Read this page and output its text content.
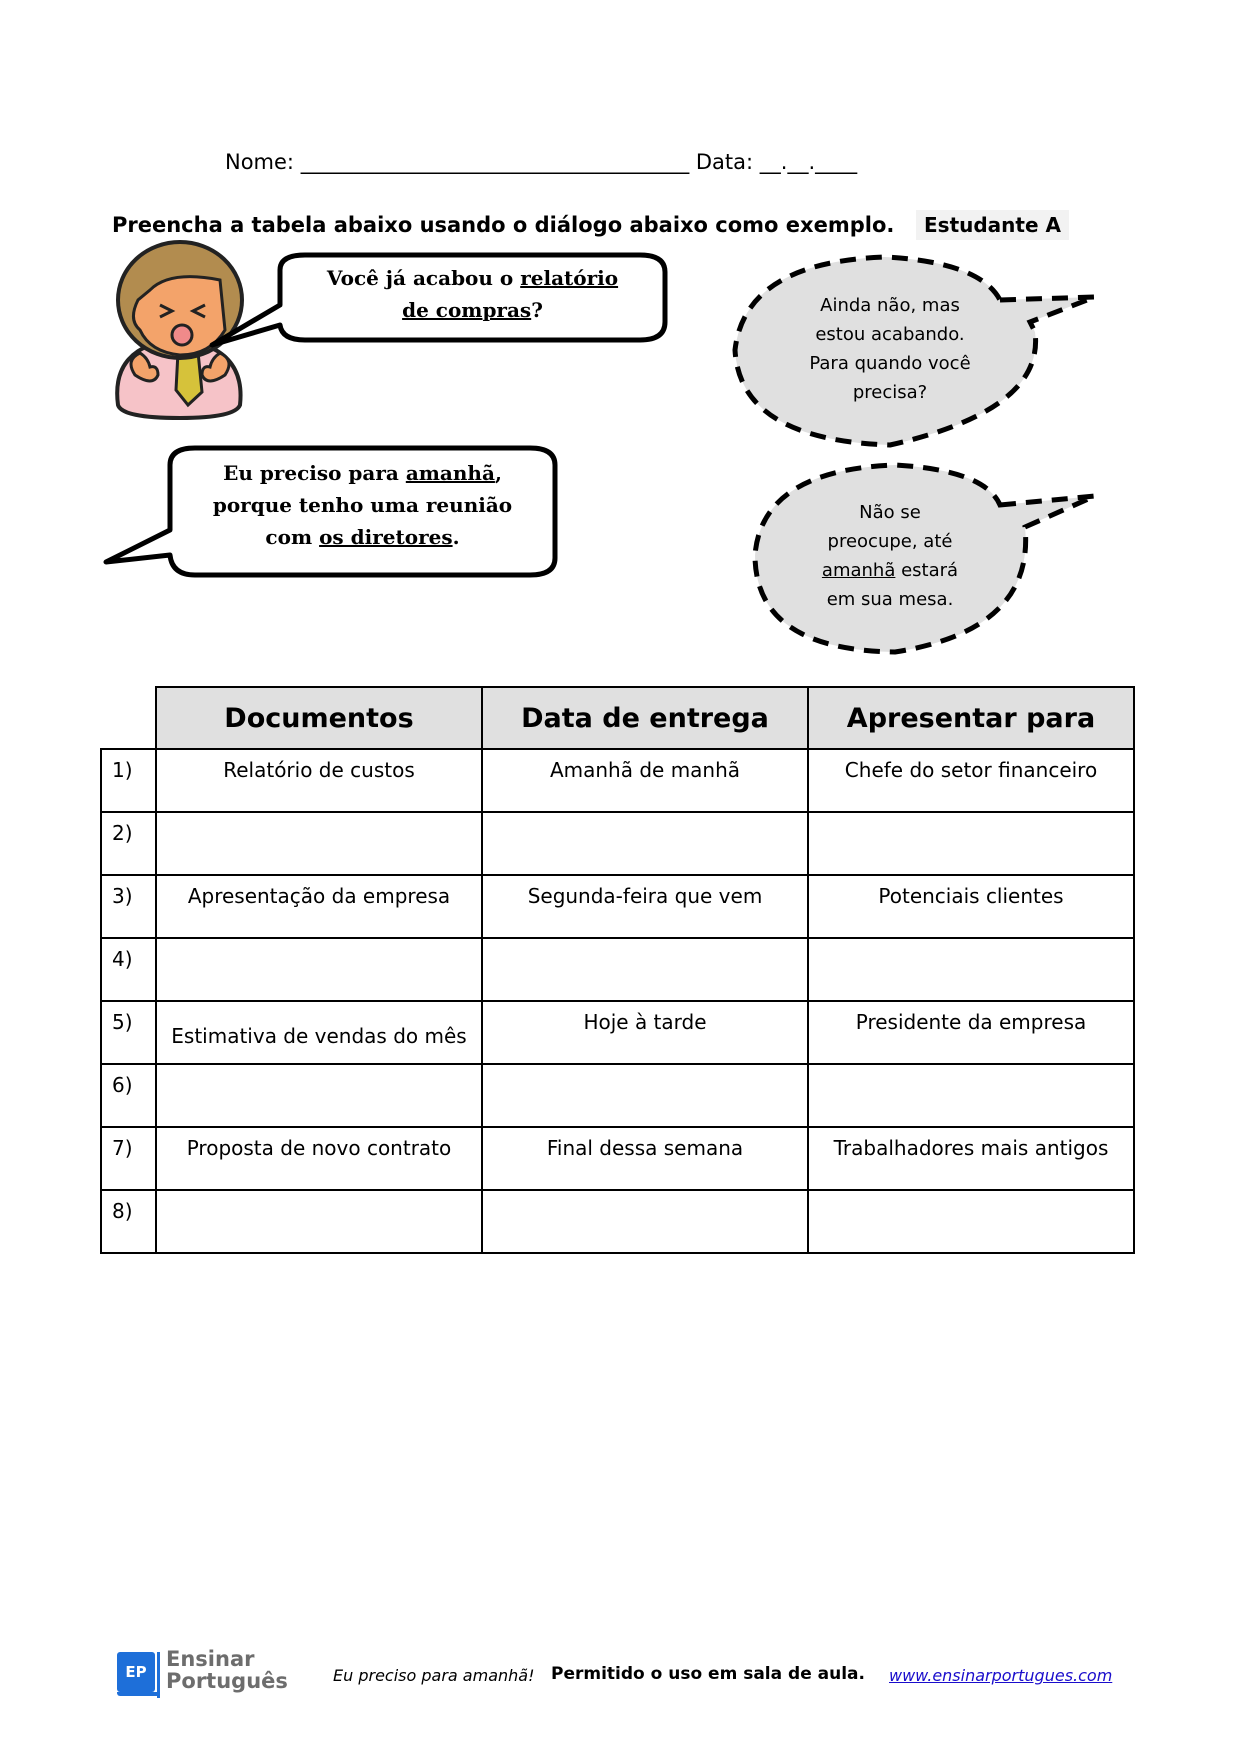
Nome: _____________________________________ Data: __.__.____
Preencha a tabela abaixo usando o diálogo abaixo como exemplo.	Estudante A
Você já acabou o relatório
de compras?	Ainda não, mas
estou acabando.
Para quando você
precisa?
Eu preciso para amanhã,
porque tenho uma reunião
com os diretores.
Não se
preocupe, até
amanhã estará
em sua mesa.
	Documentos	Data de entrega	Apresentar para
1)	Relatório de custos	Amanhã de manhã	Chefe do setor financeiro
2)			
3)	Apresentação da empresa	Segunda-feira que vem	Potenciais clientes
4)			
5)	Estimativa de vendas do mês	Hoje à tarde	Presidente da empresa
6)			
7)	Proposta de novo contrato	Final dessa semana	Trabalhadores mais antigos
8)			
EP
Ensinar
Português	Eu preciso para amanhã! Permitido o uso em sala de aula. www.ensinarportugues.com
